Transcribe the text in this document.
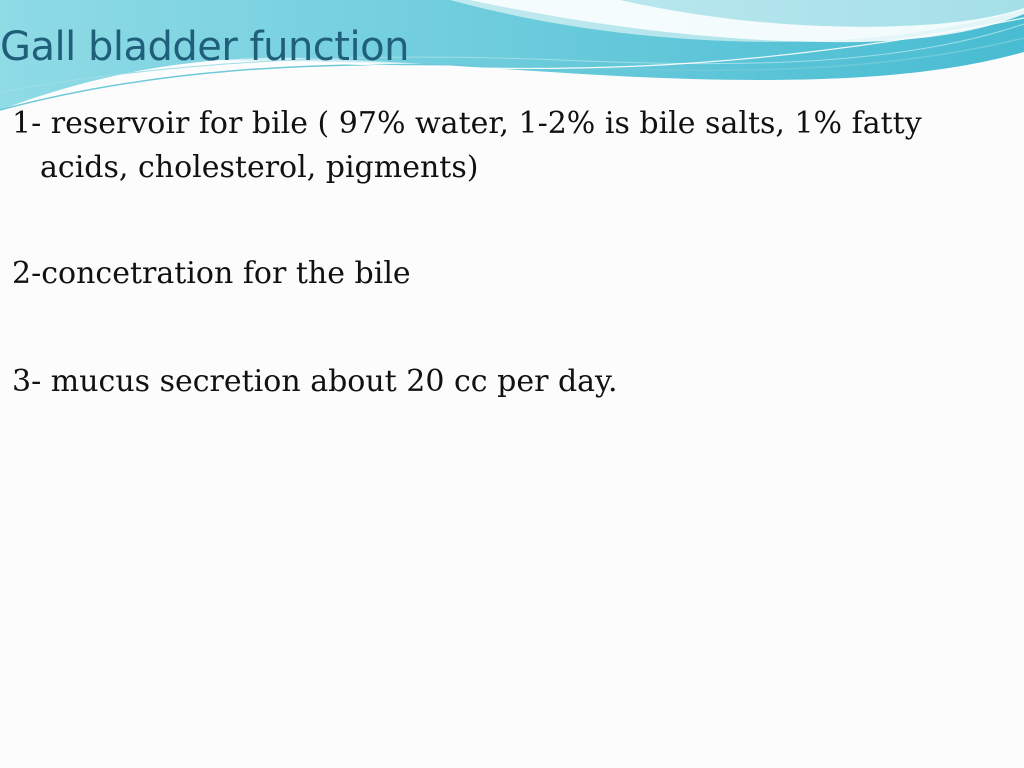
Gall bladder function
1- reservoir for bile ( 97% water, 1-2% is bile salts, 1% fatty acids, cholesterol, pigments)
2-concetration for the bile
3- mucus secretion about 20 cc per day.
